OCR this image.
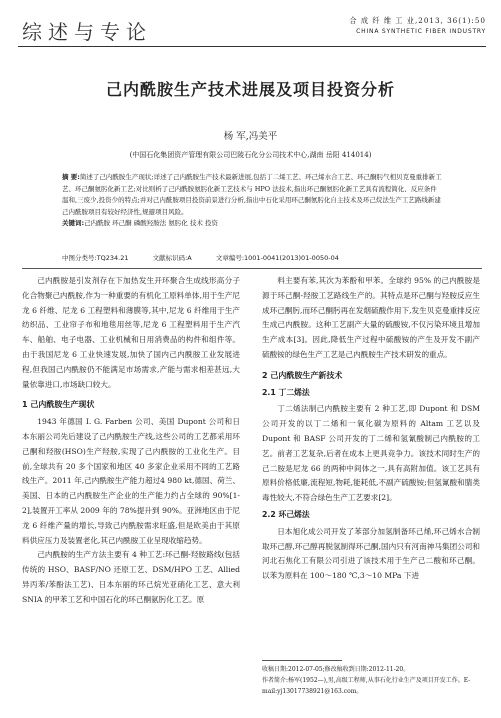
综述与专论	合 成 纤 维 工 业,2013, 36(1):50
CHINA SYNTHETIC FIBER INDUSTRY
己内酰胺生产技术进展及项目投资分析
杨 军,冯美平
(中国石化集团资产管理有限公司巴陵石化分公司技术中心,湖南 岳阳 414014)
摘 要:简述了己内酰胺生产现状;详述了己内酰胺生产技术最新进展,包括丁二烯工艺、环己烯水合工艺、环己酮肟气相贝克曼重排新工艺、环己酮氨肟化新工艺;对比则析了己内酰胺氨肟化新工艺技术与 HPO 法技术,指出环己酮氨肟化新工艺具有流程简化、反应条件温和,三废少,投资少的特点;并对己内酰胺项目投资前景进行分析,指出中石化采用环己酮氨肟化自主技术及环己烷法生产工艺路线新建己内酰胺项目有较好经济性,规避项目风险。
关键词:己内酰胺 环己酮 磷酸羟胺法 氨肟化 技术 投资
中图分类号:TQ234.21	文献标识码:A	文章编号:1001-0041(2013)01-0050-04

己内酰胺是引发剂存在下加热发生开环聚合生成线形高分子化合物聚己内酰胺,作为一种重要的有机化工原料单体,用于生产尼龙 6 纤维、尼龙 6 工程塑料和薄膜等,其中,尼龙 6 纤维用于生产纺织品、工业帘子布和地毯用丝等,尼龙 6 工程塑料用于生产汽车、船舶、电子电器、工业机械和日用消费品的构件和组件等。由于我国尼龙 6 工业快速发展,加快了国内己内酰胺工业发展进程,但我国己内酰胺仍不能满足市场需求,产能与需求相差甚远,大量依靠进口,市场缺口较大。

1 己内酰胺生产现状

1943 年德国 I. G. Farben 公司、美国 Dupont 公司和日本东丽公司先后建设了己内酰胺生产线,这些公司的工艺都采用环己酮和羟胺(HSO)生产羟胺,实现了己内酰胺的工业化生产。目前,全球共有 20 多个国家和地区 40 多家企业采用不同的工艺路线生产。2011 年,己内酰胺生产能力超过4 980 kt,德国、荷兰、美国、日本的己内酰胺生产企业的生产能力约占全球的 90%[1-2],装置开工率从 2009 年的 78%提升到 90%。亚洲地区由于尼龙 6 纤维产量的增长,导致己内酰胺需求旺盛,但是欧美由于其原料供应压力及装置老化,其己内酰胺工业呈现收缩趋势。

己内酰胺的生产方法主要有 4 种工艺:环己酮-羟胺路线(包括传统的 HSO、BASF/NO 还原工艺、DSM/HPO 工艺、Allied 异丙苯/苯酚法工艺)、日本东丽的环己烷光亚硝化工艺、意大利 SNIA 的甲苯工艺和中国石化的环己酮氨肟化工艺。原

料主要有苯,其次为苯酚和甲苯。全球约 95% 的己内酰胺是源于环己酮-羟胺工艺路线生产的。其特点是环己酮与羟胺反应生成环己酮肟,而环己酮肟再在发烟硫酸作用下,发生贝克曼重排反应生成己内酰胺。这种工艺副产大量的硫酸铵,不仅污染环境且增加生产成本[3]。因此,降低生产过程中硫酸铵的产生及开发不副产硫酸铵的绿色生产工艺是己内酰胺生产技术研发的重点。

2 己内酰胺生产新技术
2.1 丁二烯法

丁二烯法制己内酰胺主要有 2 种工艺,即 Dupont 和 DSM 公司开发的以丁二烯和一氧化碳为原料的 Altam 工艺以及 Dupont 和 BASF 公司开发的丁二烯和氢氰酸制己内酰胺的工艺。前者工艺复杂,后者在成本上更具竞争力。该技术同时生产的己二胺是尼龙 66 的两种中间体之一,具有高附加值。该工艺具有原料价格低廉,流程短,物耗,能耗低,不副产硫酸铵;但氢氰酸和腈类毒性较大,不符合绿色生产工艺要求[2]。

2.2 环己烯法

日本旭化成公司开发了苯部分加氢制备环己烯,环己烯水合制取环己醇,环己醇再脱氢制得环己酮,国内只有河南神马集团公司和河北石焦化工有限公司引进了该技术用于生产己二酸和环己酮。以苯为原料在 100～180 ℃,3～10 MPa 下进

收稿日期:2012-07-05;修改稿收到日期:2012-11-20。
作者简介:杨军(1952—),男,高级工程师,从事石化行业生产及项目开发工作。E-mail:yj13017738921@163.com。
